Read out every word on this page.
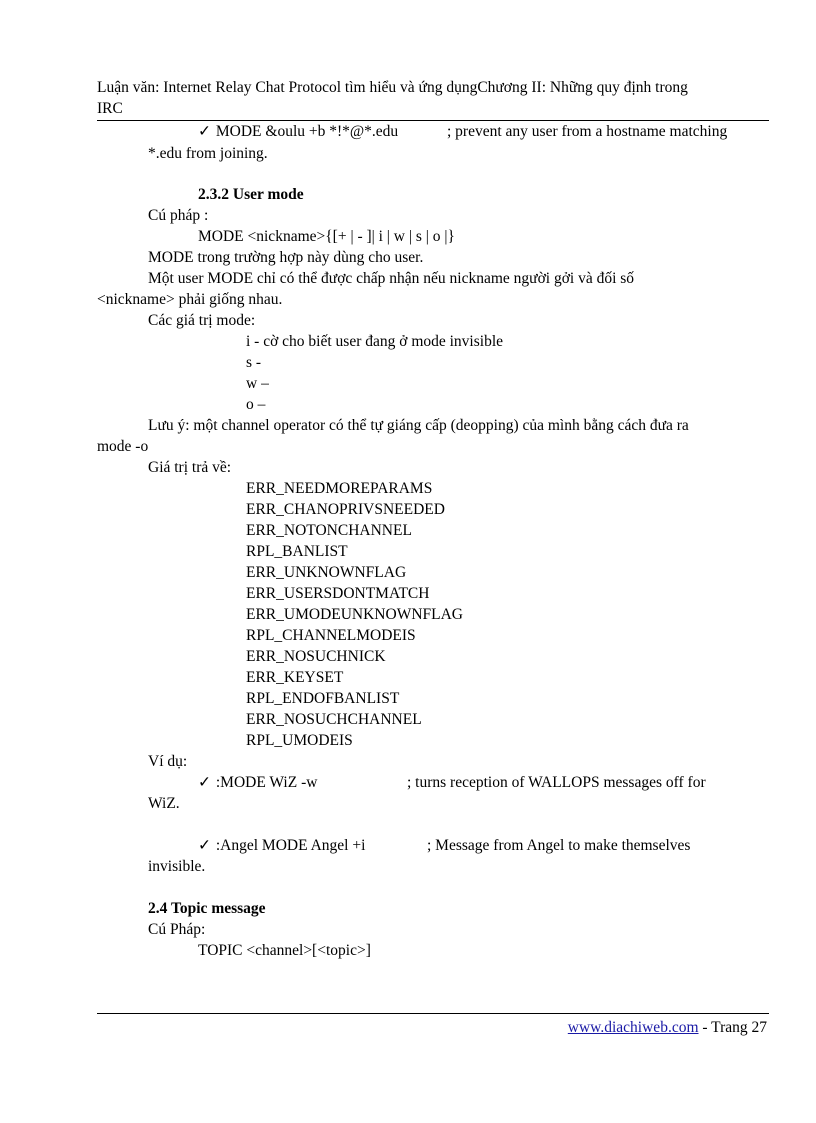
Luận văn: Internet Relay Chat Protocol tìm hiểu và ứng dụngChương II: Những quy định trong
IRC
✓ MODE &oulu +b *!*@*.edu	; prevent any user from a hostname matching
*.edu from joining.
2.3.2 User mode
Cú pháp :
MODE <nickname>{[+ | - ]| i | w | s | o |}
MODE trong trường hợp này dùng cho user.
Một user MODE chỉ có thể được chấp nhận nếu nickname người gởi và đối số
<nickname> phải giống nhau.
Các giá trị mode:
i - cờ cho biết user đang ở mode invisible
s -
w –
o –
Lưu ý: một channel operator có thể tự giáng cấp (deopping) của mình bằng cách đưa ra
mode -o
Giá trị trả về:
ERR_NEEDMOREPARAMS
ERR_CHANOPRIVSNEEDED
ERR_NOTONCHANNEL
RPL_BANLIST
ERR_UNKNOWNFLAG
ERR_USERSDONTMATCH
ERR_UMODEUNKNOWNFLAG
RPL_CHANNELMODEIS
ERR_NOSUCHNICK
ERR_KEYSET
RPL_ENDOFBANLIST
ERR_NOSUCHCHANNEL
RPL_UMODEIS
Ví dụ:
✓ :MODE WiZ -w	; turns reception of WALLOPS messages off for
WiZ.
✓ :Angel MODE Angel +i	; Message from Angel to make themselves
invisible.
2.4 Topic message
Cú Pháp:
TOPIC <channel>[<topic>]
www.diachiweb.com - Trang 27
